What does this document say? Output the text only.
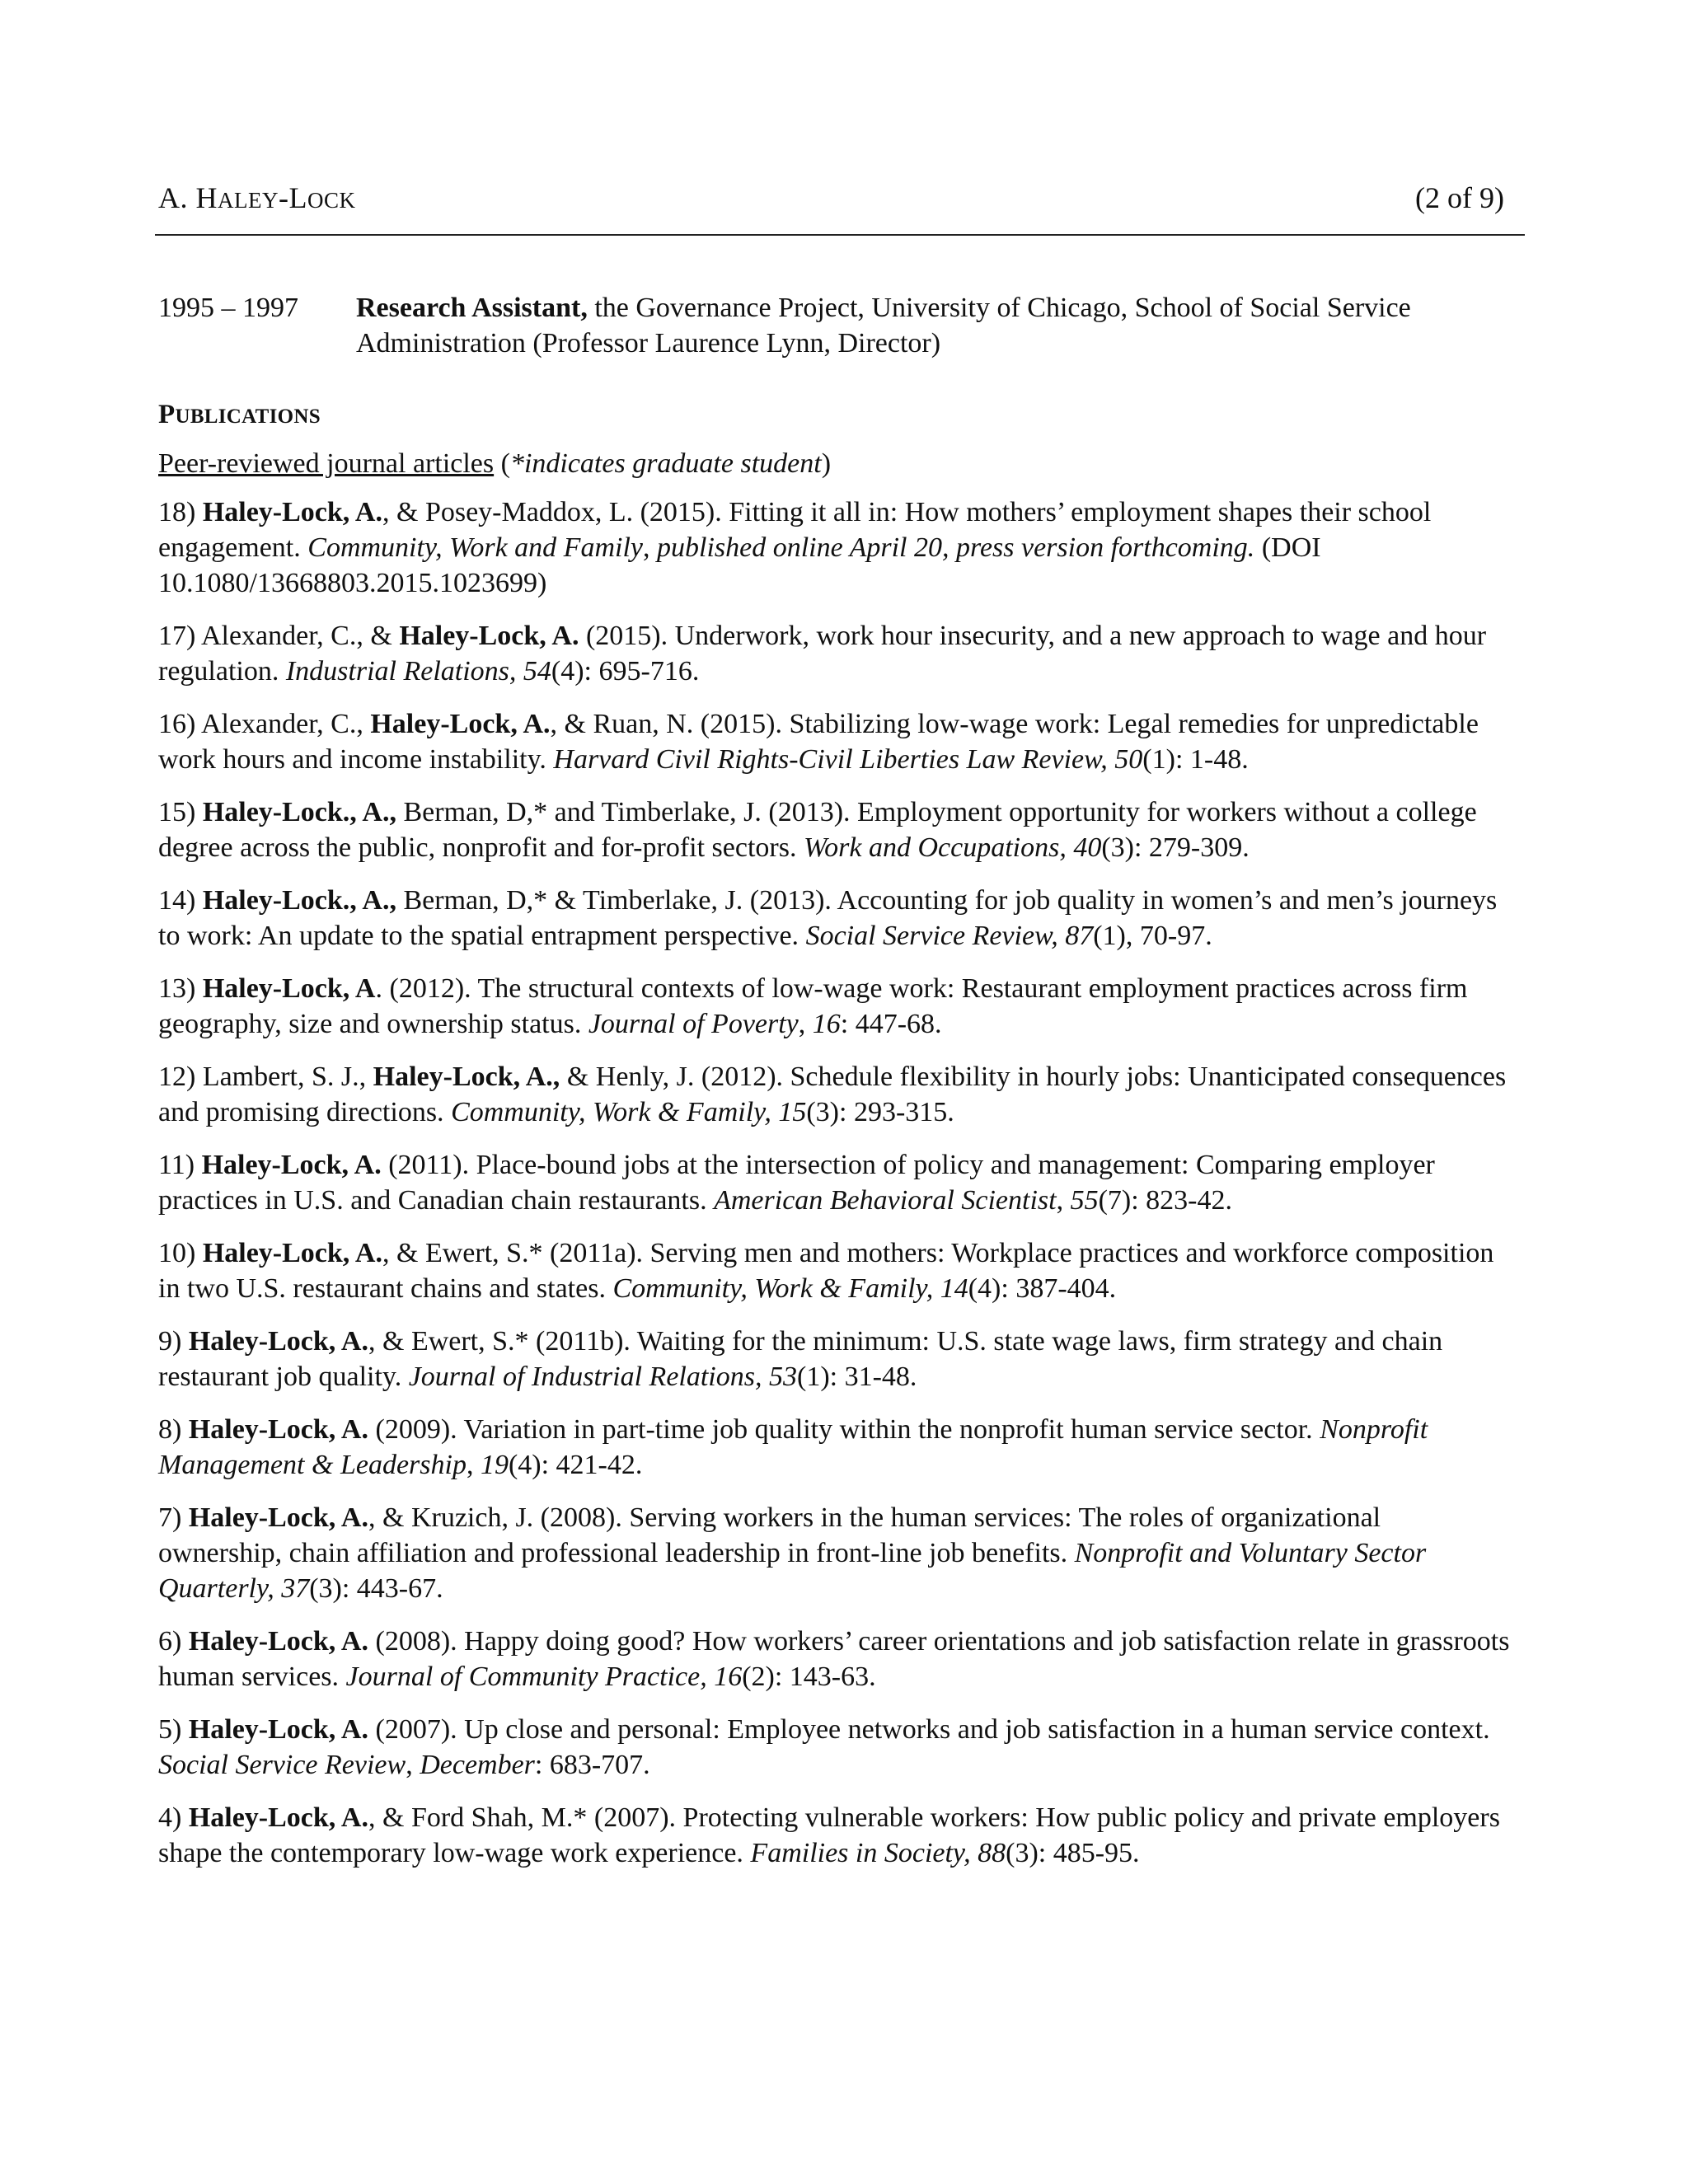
A. HALEY-LOCK	(2 of 9)
1995 – 1997	Research Assistant, the Governance Project, University of Chicago, School of Social Service Administration (Professor Laurence Lynn, Director)
PUBLICATIONS
Peer-reviewed journal articles (*indicates graduate student)
18) Haley-Lock, A., & Posey-Maddox, L. (2015). Fitting it all in: How mothers’ employment shapes their school engagement. Community, Work and Family, published online April 20, press version forthcoming. (DOI 10.1080/13668803.2015.1023699)
17) Alexander, C., & Haley-Lock, A. (2015). Underwork, work hour insecurity, and a new approach to wage and hour regulation. Industrial Relations, 54(4): 695-716.
16) Alexander, C., Haley-Lock, A., & Ruan, N. (2015). Stabilizing low-wage work: Legal remedies for unpredictable work hours and income instability. Harvard Civil Rights-Civil Liberties Law Review, 50(1): 1-48.
15) Haley-Lock., A., Berman, D,* and Timberlake, J. (2013). Employment opportunity for workers without a college degree across the public, nonprofit and for-profit sectors. Work and Occupations, 40(3): 279-309.
14) Haley-Lock., A., Berman, D,* & Timberlake, J. (2013). Accounting for job quality in women’s and men’s journeys to work: An update to the spatial entrapment perspective. Social Service Review, 87(1), 70-97.
13) Haley-Lock, A. (2012). The structural contexts of low-wage work: Restaurant employment practices across firm geography, size and ownership status. Journal of Poverty, 16: 447-68.
12) Lambert, S. J., Haley-Lock, A., & Henly, J. (2012). Schedule flexibility in hourly jobs: Unanticipated consequences and promising directions. Community, Work & Family, 15(3): 293-315.
11) Haley-Lock, A. (2011). Place-bound jobs at the intersection of policy and management: Comparing employer practices in U.S. and Canadian chain restaurants. American Behavioral Scientist, 55(7): 823-42.
10) Haley-Lock, A., & Ewert, S.* (2011a). Serving men and mothers: Workplace practices and workforce composition in two U.S. restaurant chains and states. Community, Work & Family, 14(4): 387-404.
9) Haley-Lock, A., & Ewert, S.* (2011b). Waiting for the minimum: U.S. state wage laws, firm strategy and chain restaurant job quality. Journal of Industrial Relations, 53(1): 31-48.
8) Haley-Lock, A. (2009). Variation in part-time job quality within the nonprofit human service sector. Nonprofit Management & Leadership, 19(4): 421-42.
7) Haley-Lock, A., & Kruzich, J. (2008). Serving workers in the human services: The roles of organizational ownership, chain affiliation and professional leadership in front-line job benefits. Nonprofit and Voluntary Sector Quarterly, 37(3): 443-67.
6) Haley-Lock, A. (2008). Happy doing good? How workers’ career orientations and job satisfaction relate in grassroots human services. Journal of Community Practice, 16(2): 143-63.
5) Haley-Lock, A. (2007). Up close and personal: Employee networks and job satisfaction in a human service context. Social Service Review, December: 683-707.
4) Haley-Lock, A., & Ford Shah, M.* (2007). Protecting vulnerable workers: How public policy and private employers shape the contemporary low-wage work experience. Families in Society, 88(3): 485-95.
